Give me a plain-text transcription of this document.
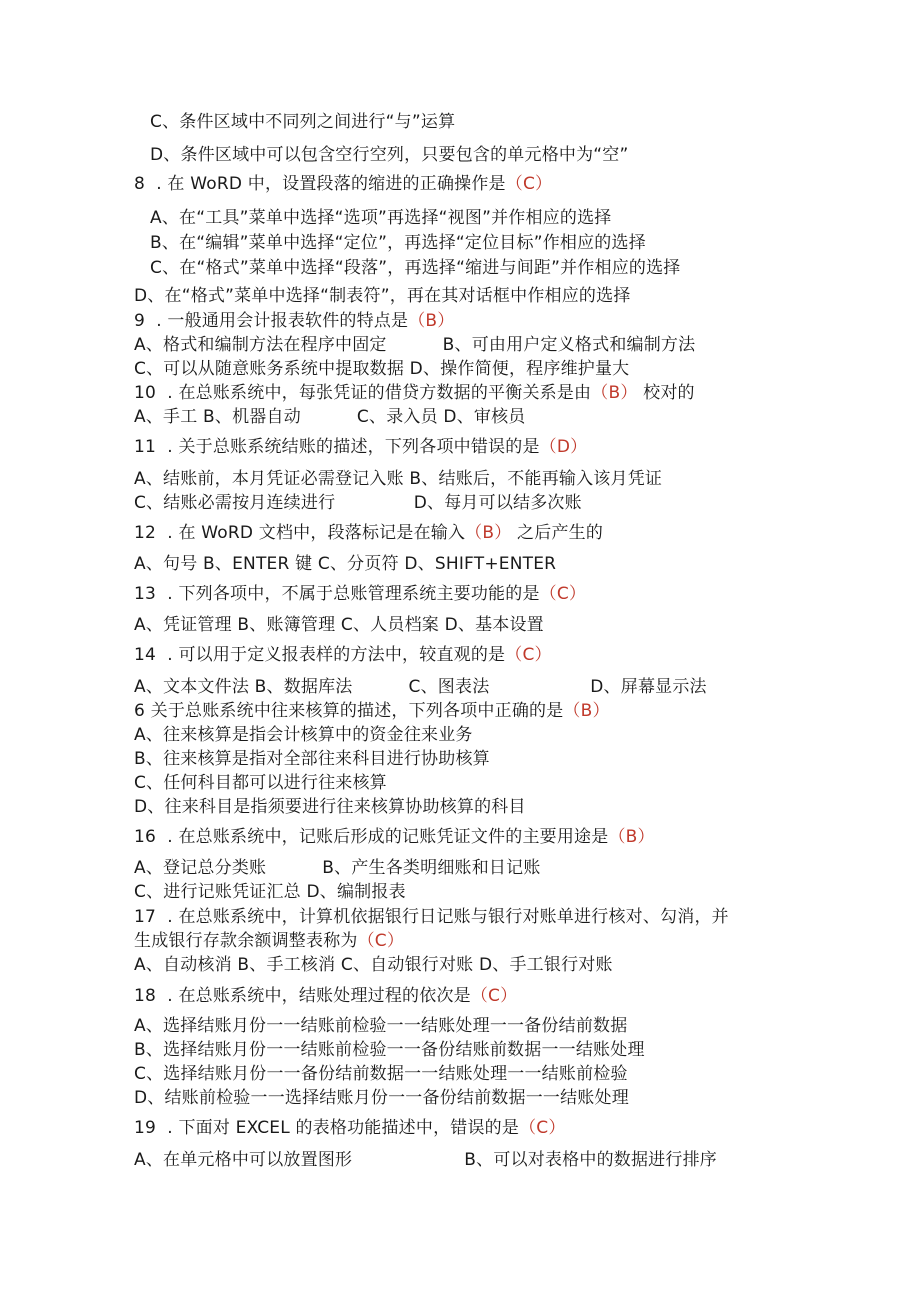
C、条件区域中不同列之间进行“与”运算
D、条件区域中可以包含空行空列，只要包含的单元格中为“空”
8  . 在 WoRD 中，设置段落的缩进的正确操作是（C）
A、在“工具”菜单中选择“选项”再选择“视图”并作相应的选择
B、在“编辑”菜单中选择“定位”，再选择“定位目标”作相应的选择
C、在“格式”菜单中选择“段落”，再选择“缩进与间距”并作相应的选择
D、在“格式”菜单中选择“制表符”，再在其对话框中作相应的选择
9  . 一般通用会计报表软件的特点是（B）
A、格式和编制方法在程序中固定          B、可由用户定义格式和编制方法
C、可以从随意账务系统中提取数据 D、操作简便，程序维护量大
10  . 在总账系统中，每张凭证的借贷方数据的平衡关系是由（B） 校对的
A、手工 B、机器自动          C、录入员 D、审核员
11  . 关于总账系统结账的描述，下列各项中错误的是（D）
A、结账前，本月凭证必需登记入账 B、结账后，不能再输入该月凭证
C、结账必需按月连续进行              D、每月可以结多次账
12  . 在 WoRD 文档中，段落标记是在输入（B） 之后产生的
A、句号 B、ENTER 键 C、分页符 D、SHIFT+ENTER
13  . 下列各项中，不属于总账管理系统主要功能的是（C）
A、凭证管理 B、账簿管理 C、人员档案 D、基本设置
14  . 可以用于定义报表样的方法中，较直观的是（C）
A、文本文件法 B、数据库法          C、图表法                  D、屏幕显示法
6 关于总账系统中往来核算的描述，下列各项中正确的是（B）
A、往来核算是指会计核算中的资金往来业务
B、往来核算是指对全部往来科目进行协助核算
C、任何科目都可以进行往来核算
D、往来科目是指须要进行往来核算协助核算的科目
16  . 在总账系统中，记账后形成的记账凭证文件的主要用途是（B）
A、登记总分类账          B、产生各类明细账和日记账
C、进行记账凭证汇总 D、编制报表
17  . 在总账系统中，计算机依据银行日记账与银行对账单进行核对、勾消，并
生成银行存款余额调整表称为（C）
A、自动核消 B、手工核消 C、自动银行对账 D、手工银行对账
18  . 在总账系统中，结账处理过程的依次是（C）
A、选择结账月份一一结账前检验一一结账处理一一备份结前数据
B、选择结账月份一一结账前检验一一备份结账前数据一一结账处理
C、选择结账月份一一备份结前数据一一结账处理一一结账前检验
D、结账前检验一一选择结账月份一一备份结前数据一一结账处理
19  . 下面对 EXCEL 的表格功能描述中，错误的是（C）
A、在单元格中可以放置图形                    B、可以对表格中的数据进行排序
